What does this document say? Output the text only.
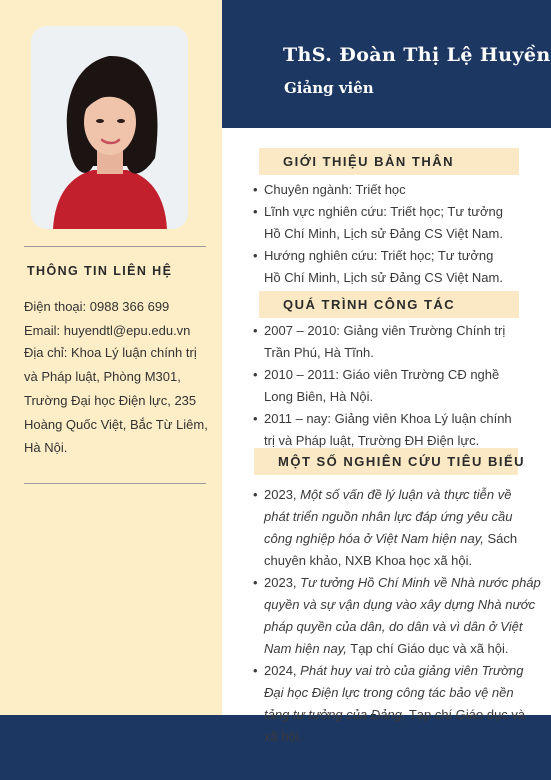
THÔNG TIN LIÊN HỆ
Điện thoại: 0988 366 699
Email: huyendtl@epu.edu.vn
Địa chỉ: Khoa Lý luận chính trị
và Pháp luật, Phòng M301,
Trường Đại học Điện lực, 235
Hoàng Quốc Việt, Bắc Từ Liêm,
Hà Nội.
ThS. Đoàn Thị Lệ Huyền
Giảng viên
GIỚI THIỆU BẢN THÂN
• Chuyên ngành: Triết học
• Lĩnh vực nghiên cứu: Triết học; Tư tưởng
Hồ Chí Minh, Lịch sử Đảng CS Việt Nam.
• Hướng nghiên cứu: Triết học; Tư tưởng
Hồ Chí Minh, Lịch sử Đảng CS Việt Nam.
QUÁ TRÌNH CÔNG TÁC
• 2007 – 2010: Giảng viên Trường Chính trị
Trần Phú, Hà Tĩnh.
• 2010 – 2011: Giáo viên Trường CĐ nghề
Long Biên, Hà Nội.
• 2011 – nay: Giảng viên Khoa Lý luận chính
trị và Pháp luật, Trường ĐH Điện lực.
MỘT SỐ NGHIÊN CỨU TIÊU BIỂU
• 2023, Một số vấn đề lý luận và thực tiễn về
phát triển nguồn nhân lực đáp ứng yêu cầu
công nghiệp hóa ở Việt Nam hiện nay, Sách
chuyên khảo, NXB Khoa học xã hội.
• 2023, Tư tưởng Hồ Chí Minh về Nhà nước pháp
quyền và sự vận dụng vào xây dựng Nhà nước
pháp quyền của dân, do dân và vì dân ở Việt
Nam hiện nay, Tạp chí Giáo dục và xã hội.
• 2024, Phát huy vai trò của giảng viên Trường
Đại học Điện lực trong công tác bảo vệ nền
tảng tư tưởng của Đảng, Tạp chí Giáo dục và
xã hội.
